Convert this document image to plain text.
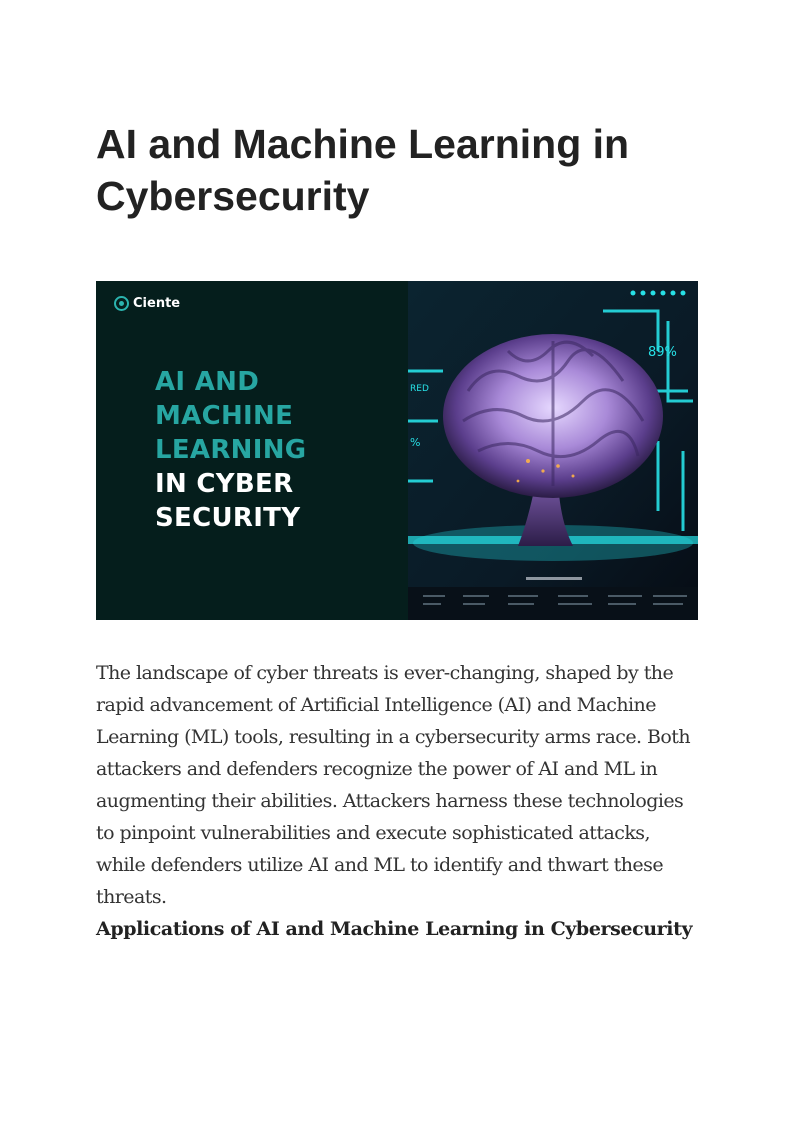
AI and Machine Learning in Cybersecurity
Ciente
AI AND
MACHINE
LEARNING
IN CYBER
SECURITY
89%
RED
%

The landscape of cyber threats is ever-changing, shaped by the rapid advancement of Artificial Intelligence (AI) and Machine Learning (ML) tools, resulting in a cybersecurity arms race. Both attackers and defenders recognize the power of AI and ML in augmenting their abilities. Attackers harness these technologies to pinpoint vulnerabilities and execute sophisticated attacks, while defenders utilize AI and ML to identify and thwart these threats.

Applications of AI and Machine Learning in Cybersecurity
